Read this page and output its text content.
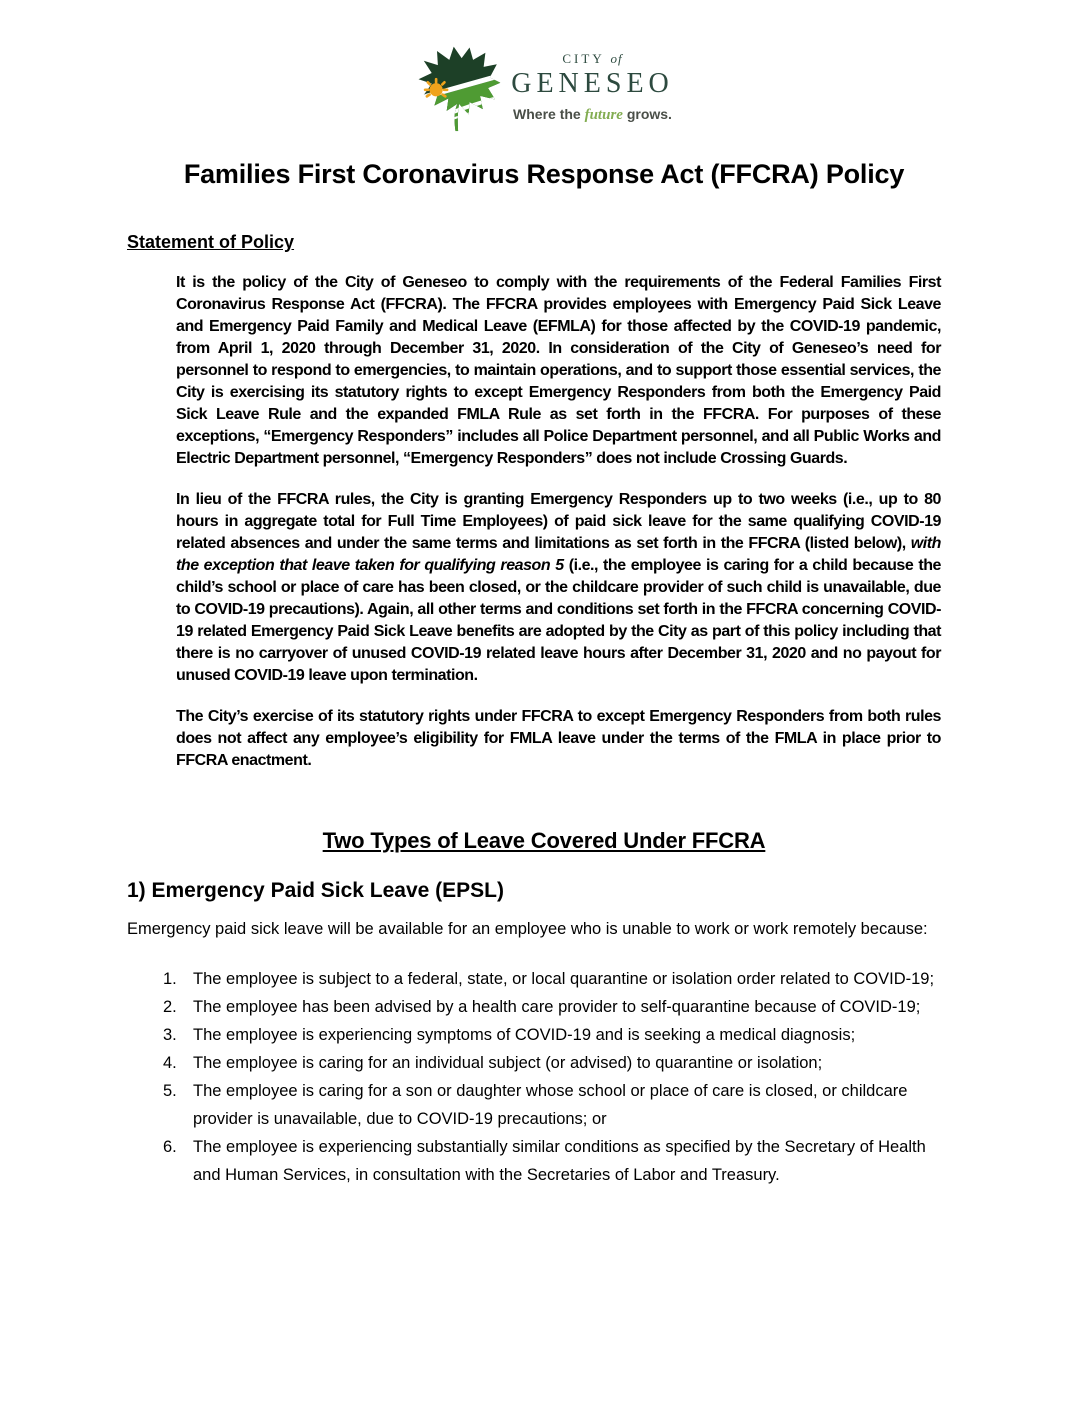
CITY of
GENESEO
Where the future grows.
Families First Coronavirus Response Act (FFCRA) Policy
Statement of Policy

It is the policy of the City of Geneseo to comply with the requirements of the Federal Families First Coronavirus Response Act (FFCRA). The FFCRA provides employees with Emergency Paid Sick Leave and Emergency Paid Family and Medical Leave (EFMLA) for those affected by the COVID-19 pandemic, from April 1, 2020 through December 31, 2020. In consideration of the City of Geneseo’s need for personnel to respond to emergencies, to maintain operations, and to support those essential services, the City is exercising its statutory rights to except Emergency Responders from both the Emergency Paid Sick Leave Rule and the expanded FMLA Rule as set forth in the FFCRA. For purposes of these exceptions, “Emergency Responders” includes all Police Department personnel, and all Public Works and Electric Department personnel, “Emergency Responders” does not include Crossing Guards.

In lieu of the FFCRA rules, the City is granting Emergency Responders up to two weeks (i.e., up to 80 hours in aggregate total for Full Time Employees) of paid sick leave for the same qualifying COVID-19 related absences and under the same terms and limitations as set forth in the FFCRA (listed below), with the exception that leave taken for qualifying reason 5 (i.e., the employee is caring for a child because the child’s school or place of care has been closed, or the childcare provider of such child is unavailable, due to COVID-19 precautions). Again, all other terms and conditions set forth in the FFCRA concerning COVID-19 related Emergency Paid Sick Leave benefits are adopted by the City as part of this policy including that there is no carryover of unused COVID-19 related leave hours after December 31, 2020 and no payout for unused COVID-19 leave upon termination.

The City’s exercise of its statutory rights under FFCRA to except Emergency Responders from both rules does not affect any employee’s eligibility for FMLA leave under the terms of the FMLA in place prior to FFCRA enactment.

Two Types of Leave Covered Under FFCRA
1) Emergency Paid Sick Leave (EPSL)

Emergency paid sick leave will be available for an employee who is unable to work or work remotely because:

1. The employee is subject to a federal, state, or local quarantine or isolation order related to COVID-19;
2. The employee has been advised by a health care provider to self-quarantine because of COVID-19;
3. The employee is experiencing symptoms of COVID-19 and is seeking a medical diagnosis;
4. The employee is caring for an individual subject (or advised) to quarantine or isolation;
5. The employee is caring for a son or daughter whose school or place of care is closed, or childcare provider is unavailable, due to COVID-19 precautions; or
6. The employee is experiencing substantially similar conditions as specified by the Secretary of Health and Human Services, in consultation with the Secretaries of Labor and Treasury.
